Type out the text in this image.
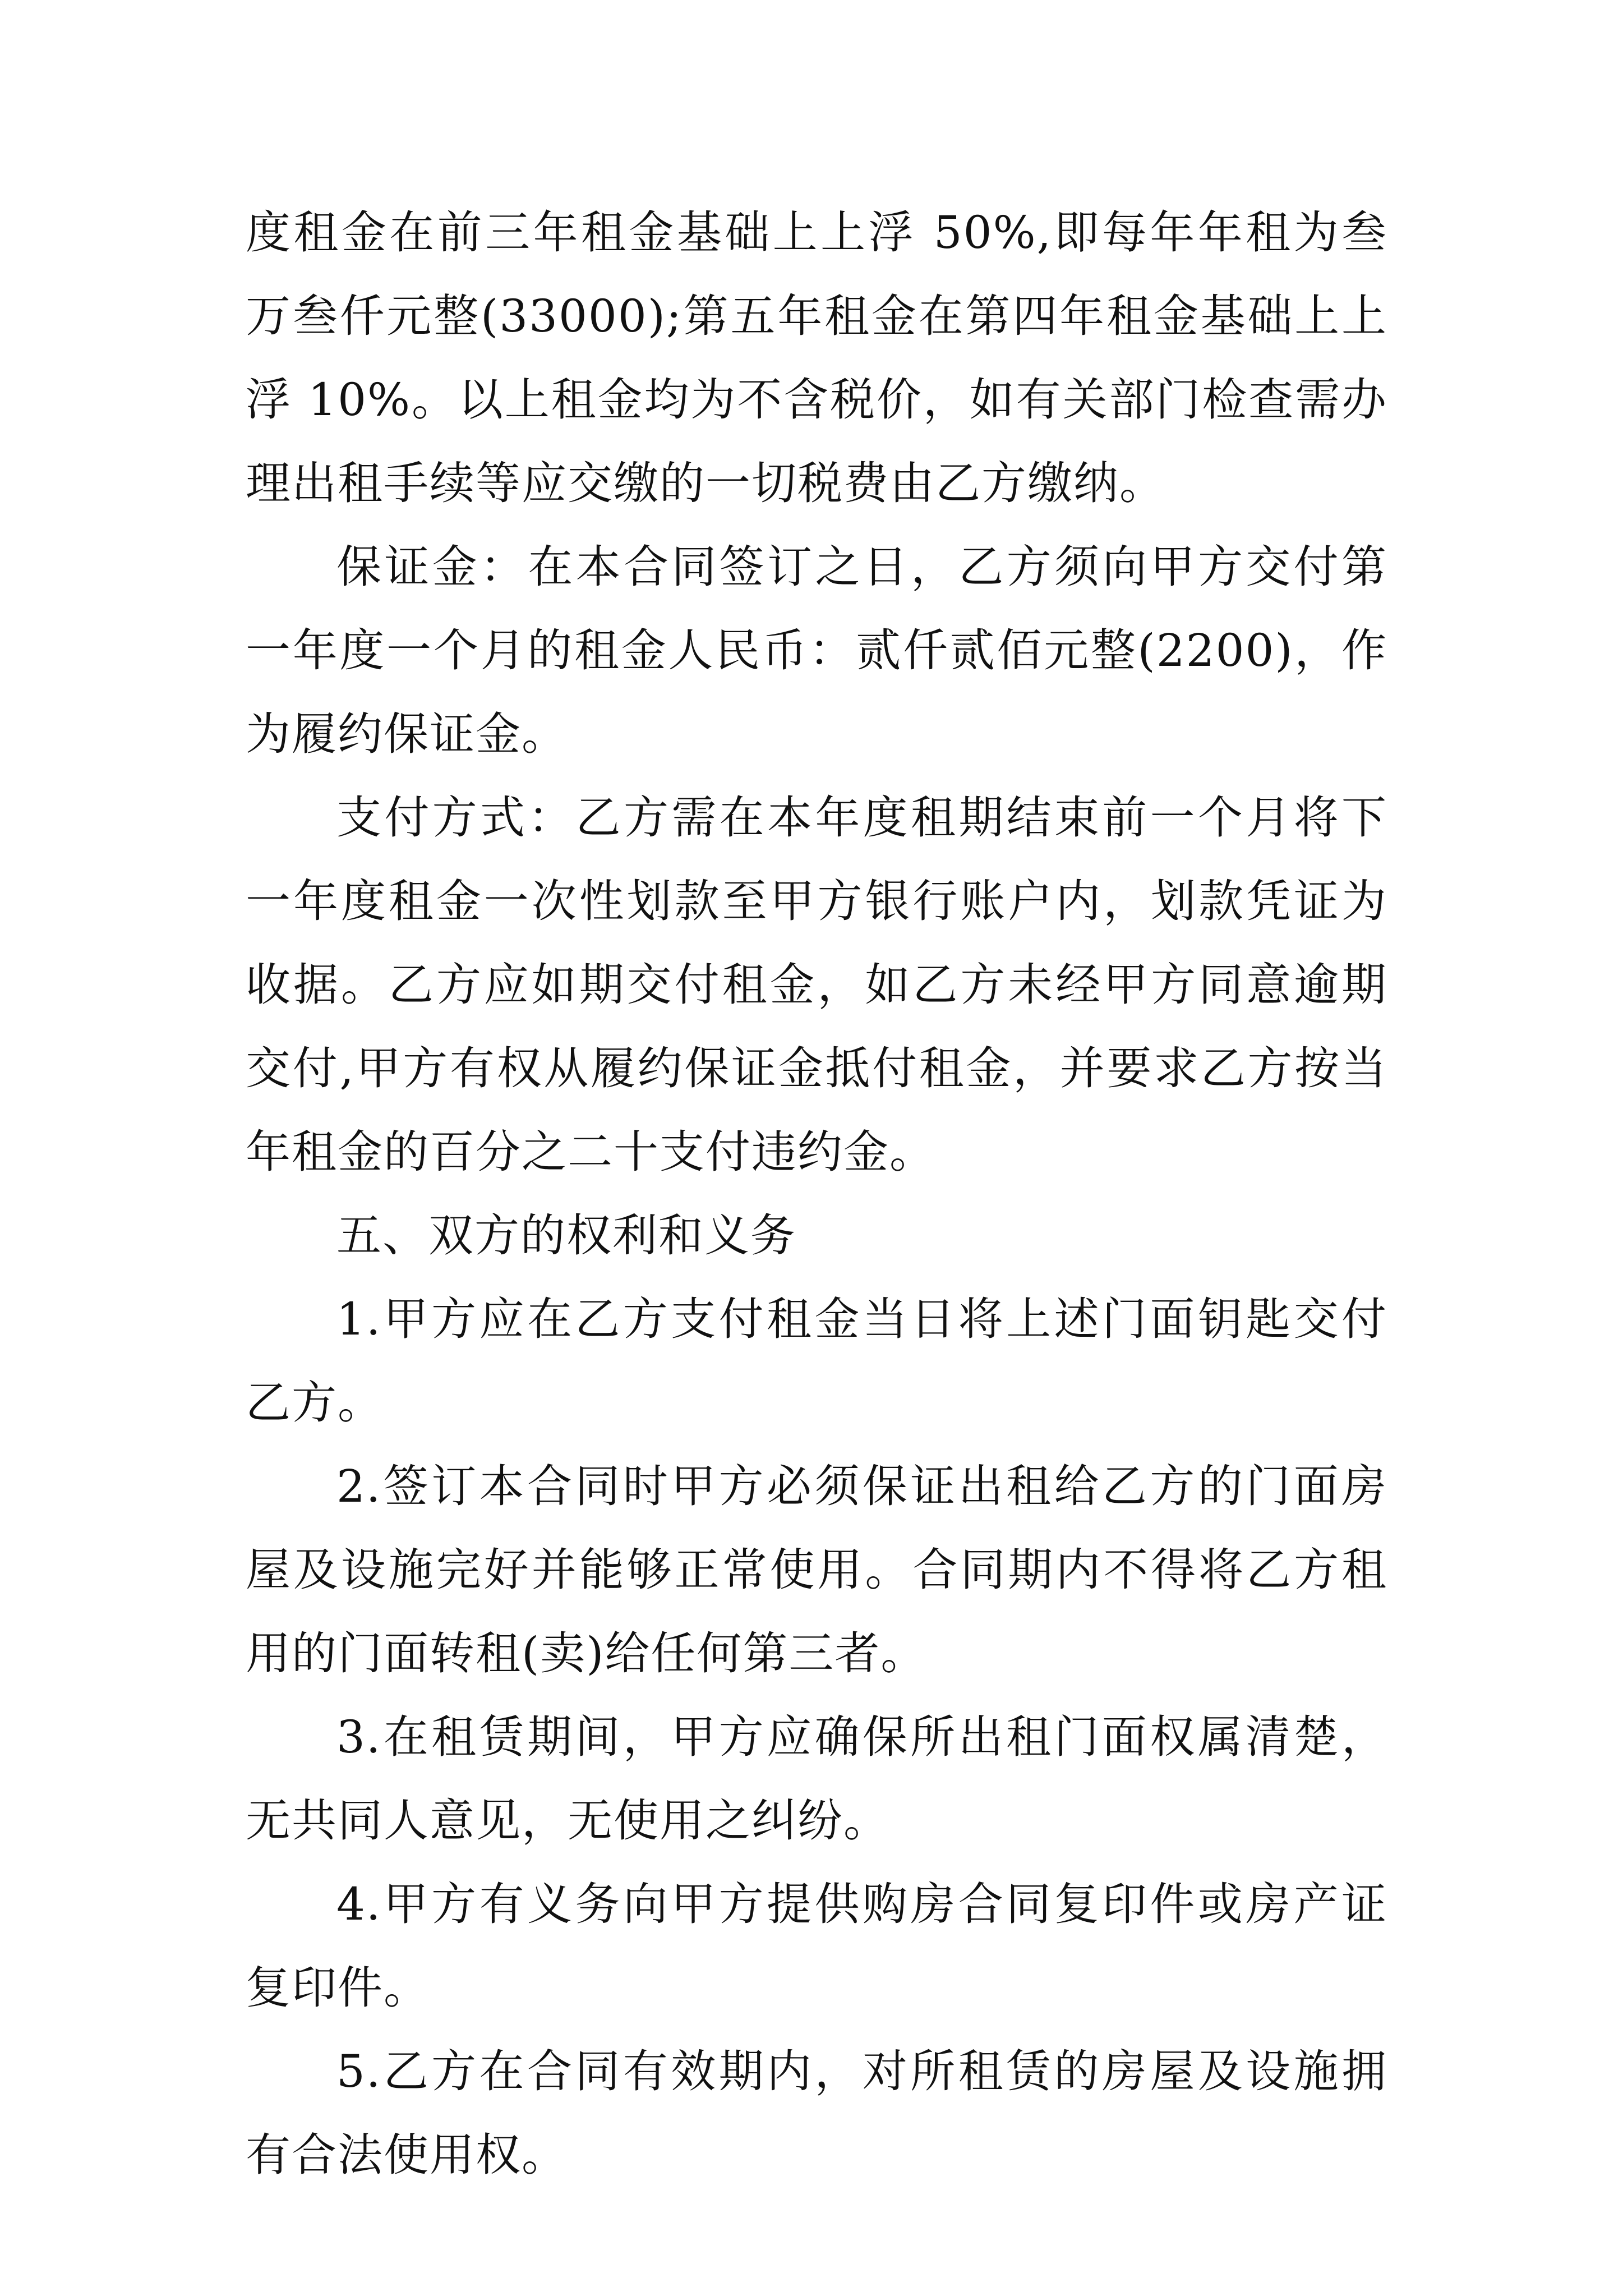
度租金在前三年租金基础上上浮 50%,即每年年租为叁万叁仟元整(33000);第五年租金在第四年租金基础上上浮 10%。以上租金均为不含税价，如有关部门检查需办理出租手续等应交缴的一切税费由乙方缴纳。

保证金：在本合同签订之日，乙方须向甲方交付第一年度一个月的租金人民币：贰仟贰佰元整(2200)，作为履约保证金。

支付方式：乙方需在本年度租期结束前一个月将下一年度租金一次性划款至甲方银行账户内，划款凭证为收据。乙方应如期交付租金，如乙方未经甲方同意逾期交付,甲方有权从履约保证金抵付租金，并要求乙方按当年租金的百分之二十支付违约金。

五、双方的权利和义务

1.甲方应在乙方支付租金当日将上述门面钥匙交付乙方。

2.签订本合同时甲方必须保证出租给乙方的门面房屋及设施完好并能够正常使用。合同期内不得将乙方租用的门面转租(卖)给任何第三者。

3.在租赁期间，甲方应确保所出租门面权属清楚，无共同人意见，无使用之纠纷。

4.甲方有义务向甲方提供购房合同复印件或房产证复印件。

5.乙方在合同有效期内，对所租赁的房屋及设施拥有合法使用权。
